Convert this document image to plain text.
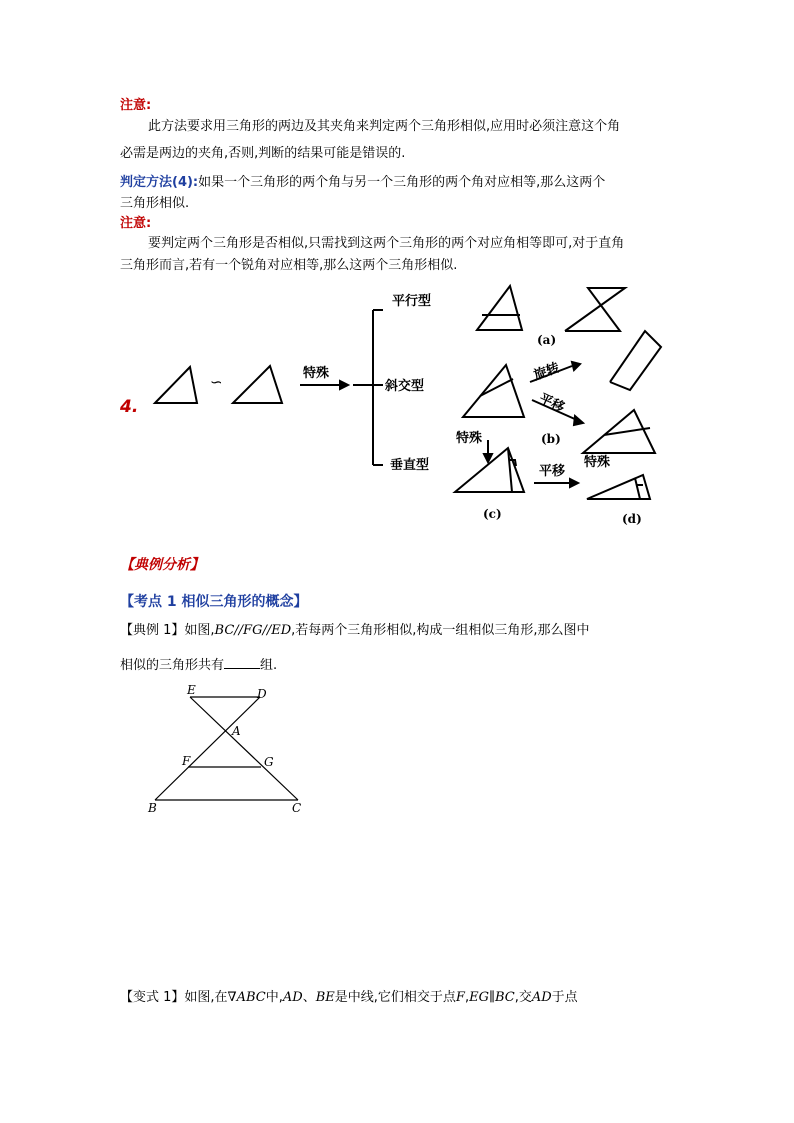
注意:
此方法要求用三角形的两边及其夹角来判定两个三角形相似,应用时必须注意这个角
必需是两边的夹角,否则,判断的结果可能是错误的.
判定方法(4):如果一个三角形的两个角与另一个三角形的两个角对应相等,那么这两个
三角形相似.
注意:
要判定两个三角形是否相似,只需找到这两个三角形的两个对应角相等即可,对于直角
三角形而言,若有一个锐角对应相等,那么这两个三角形相似.
平行型
斜交型
垂直型
特殊
∽
4.
(a)
旋转
平移
(b)
特殊
平移
特殊
(c)	(d)
【典例分析】
【考点 1 相似三角形的概念】
【典例 1】如图,BC//FG//ED,若每两个三角形相似,构成一组相似三角形,那么图中
相似的三角形共有	组.
E	D
A
F	G
B	C
【变式 1】如图,在∇ABC中,AD、BE是中线,它们相交于点F,EG∥BC,交AD于点
